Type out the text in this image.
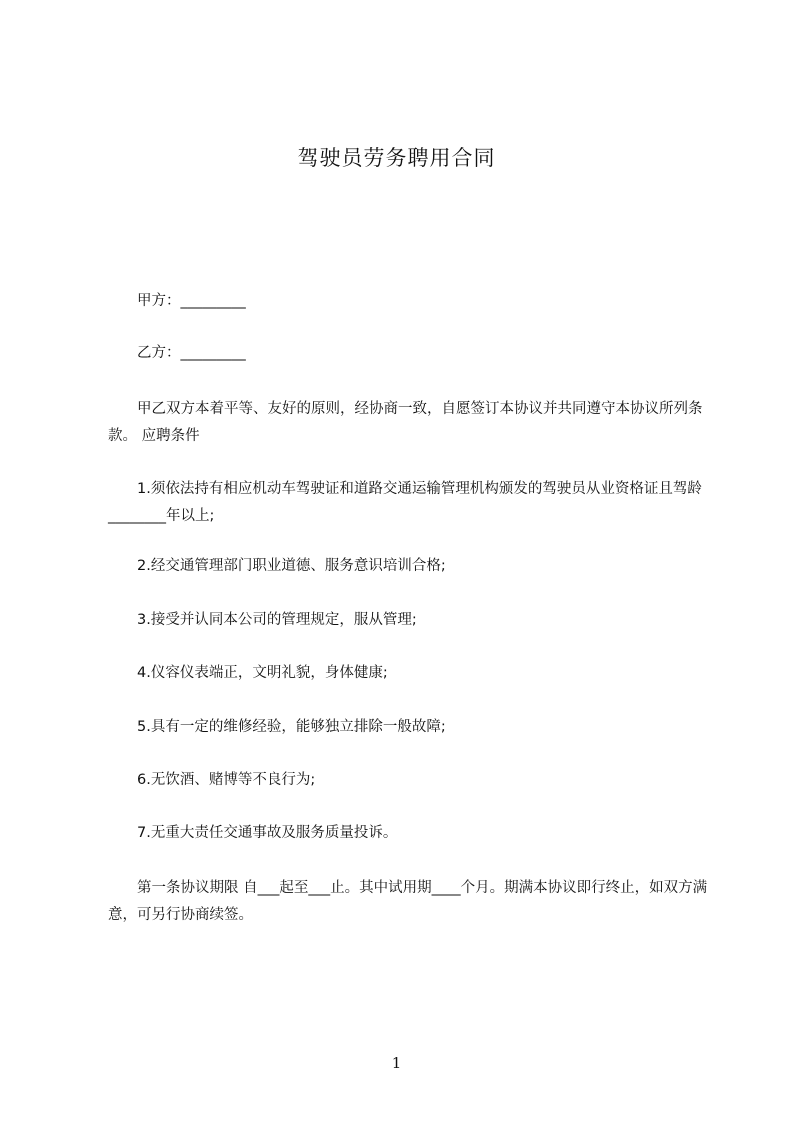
驾驶员劳务聘用合同

甲方：_________

乙方：_________

甲乙双方本着平等、友好的原则，经协商一致，自愿签订本协议并共同遵守本协议所列条款。 应聘条件

1.须依法持有相应机动车驾驶证和道路交通运输管理机构颁发的驾驶员从业资格证且驾龄________年以上;

2.经交通管理部门职业道德、服务意识培训合格;

3.接受并认同本公司的管理规定，服从管理;

4.仪容仪表端正，文明礼貌，身体健康;

5.具有一定的维修经验，能够独立排除一般故障;

6.无饮酒、赌博等不良行为;

7.无重大责任交通事故及服务质量投诉。

第一条协议期限 自___起至___止。其中试用期____个月。期满本协议即行终止，如双方满意，可另行协商续签。

1
